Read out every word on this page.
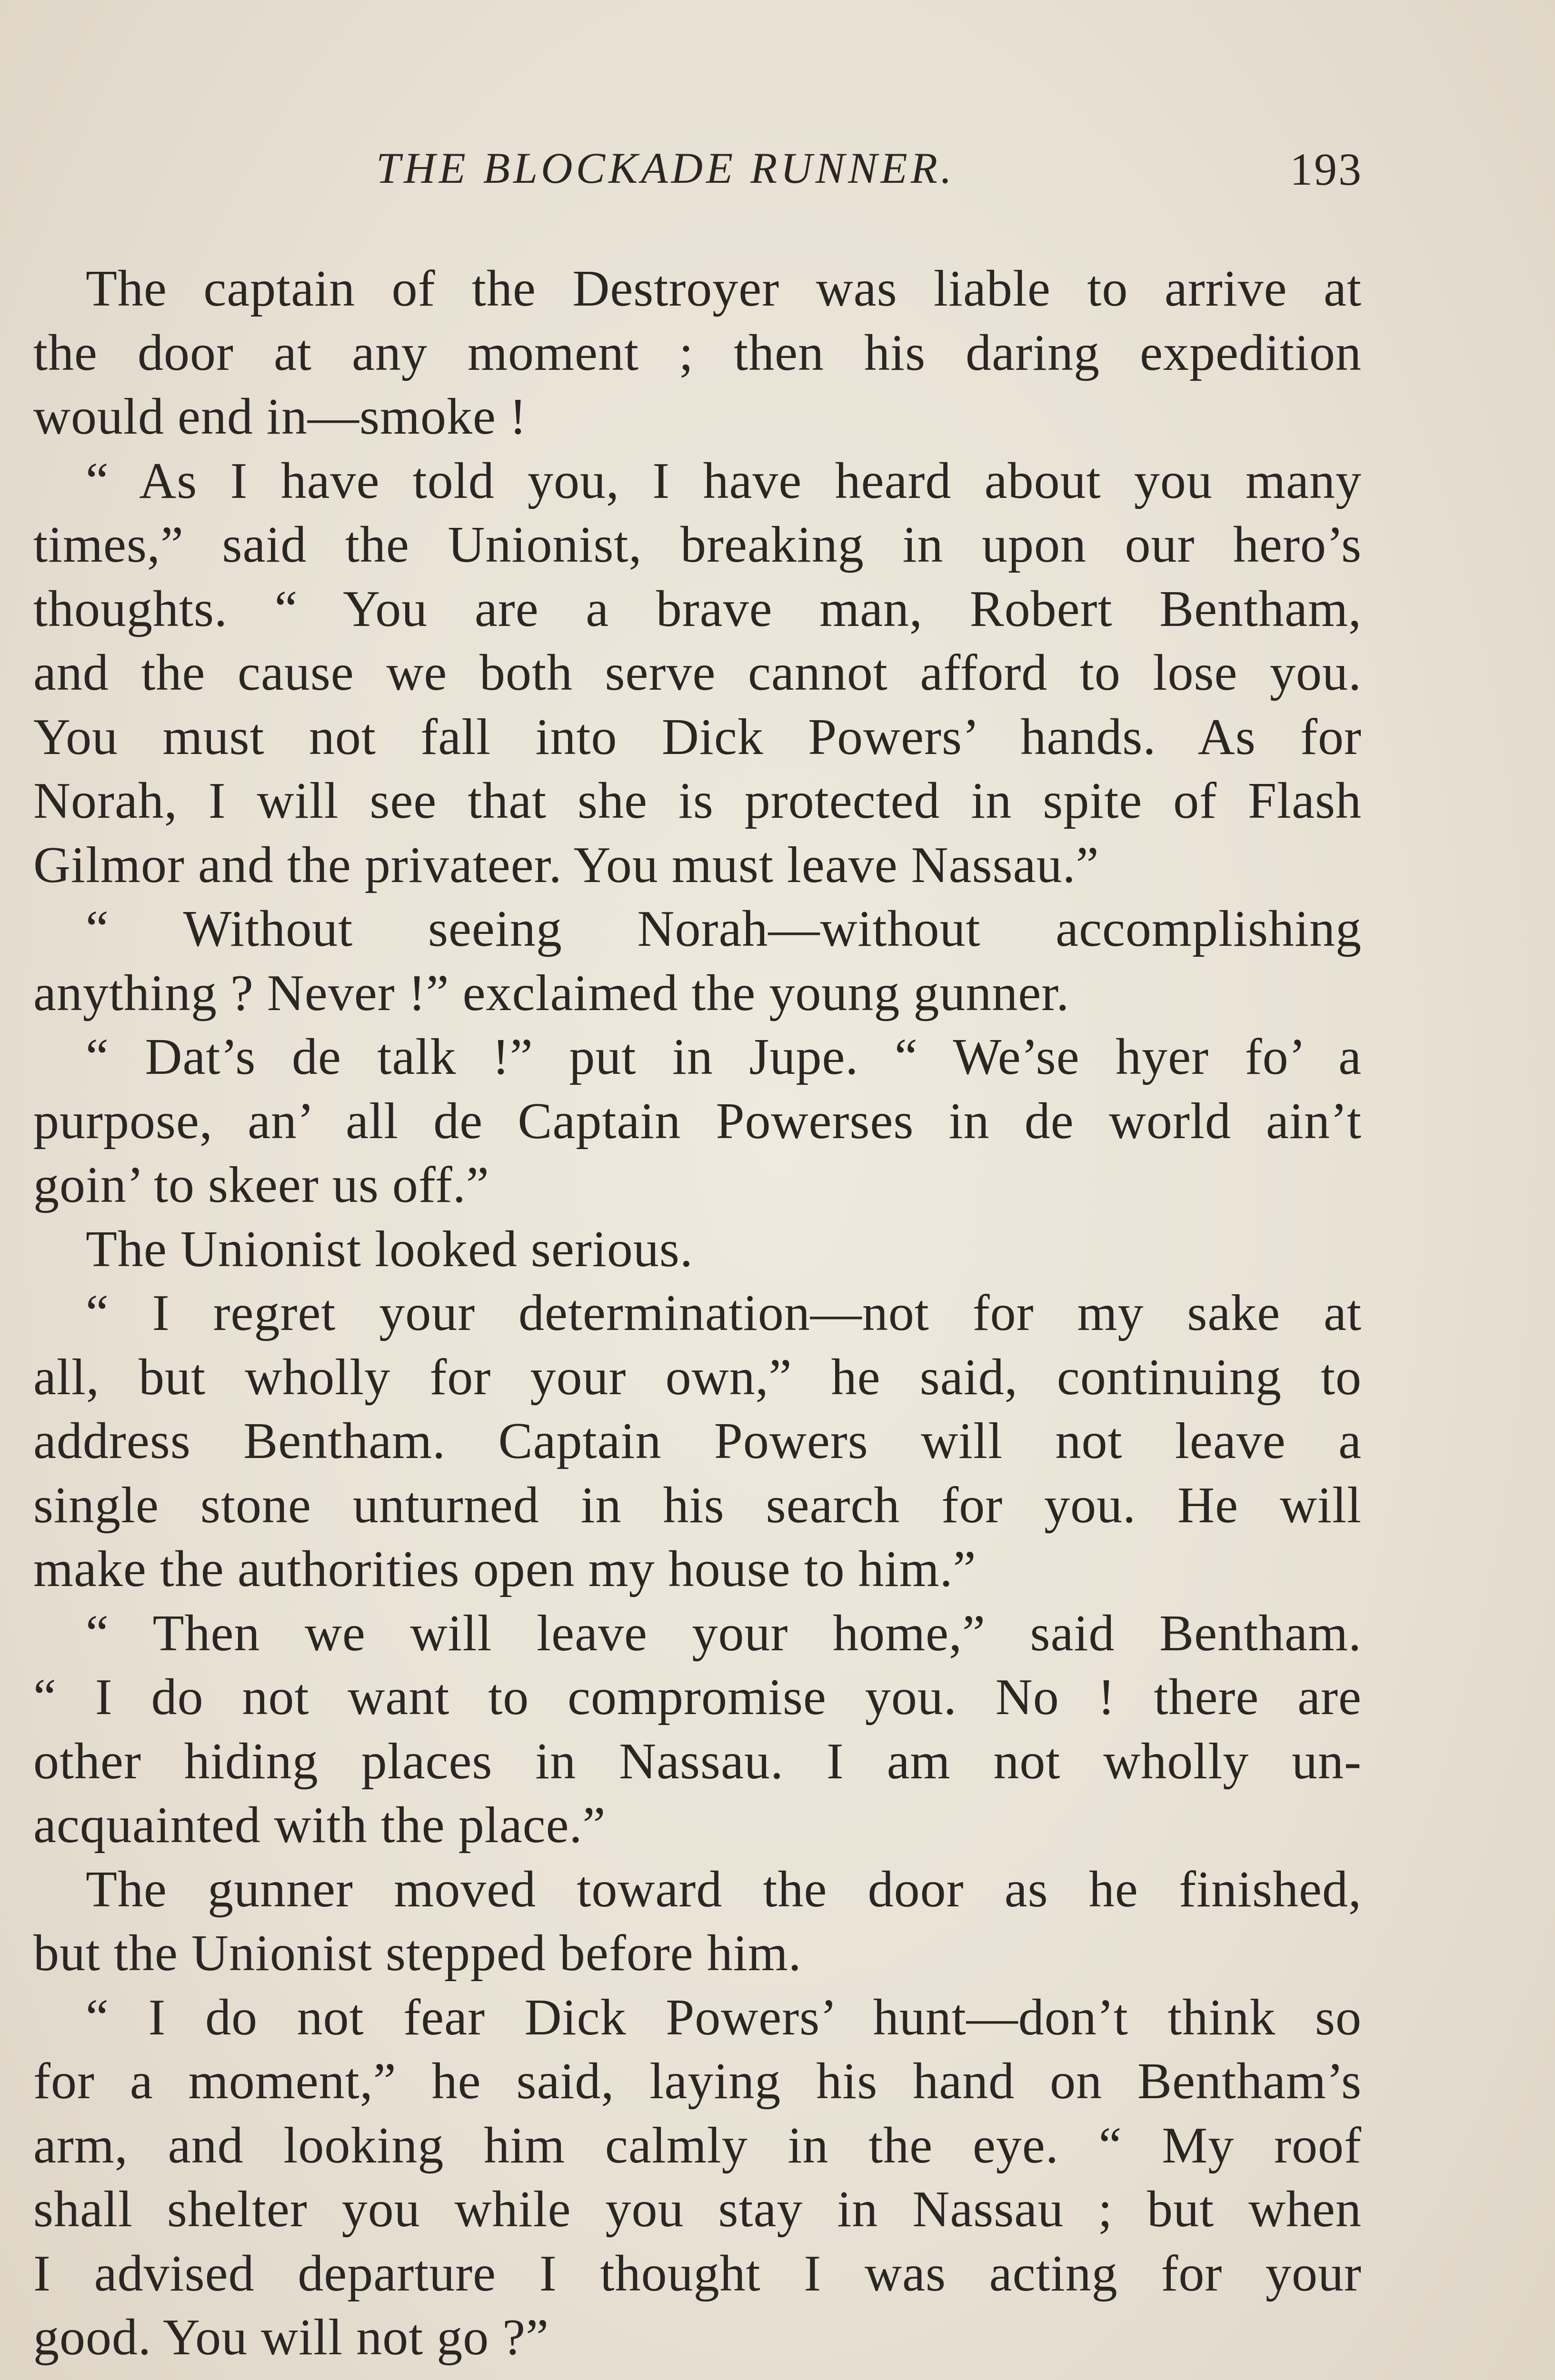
THE BLOCKADE RUNNER.	193
The captain of the Destroyer was liable to arrive at
the door at any moment ; then his daring expedition
would end in—smoke !
“ As I have told you, I have heard about you many
times,” said the Unionist, breaking in upon our hero’s
thoughts. “ You are a brave man, Robert Bentham,
and the cause we both serve cannot afford to lose you.
You must not fall into Dick Powers’ hands. As for
Norah, I will see that she is protected in spite of Flash
Gilmor and the privateer. You must leave Nassau.”
“ Without seeing Norah—without accomplishing
anything ? Never !” exclaimed the young gunner.
“ Dat’s de talk !” put in Jupe. “ We’se hyer fo’ a
purpose, an’ all de Captain Powerses in de world ain’t
goin’ to skeer us off.”
The Unionist looked serious.
“ I regret your determination—not for my sake at
all, but wholly for your own,” he said, continuing to
address Bentham. Captain Powers will not leave a
single stone unturned in his search for you. He will
make the authorities open my house to him.”
“ Then we will leave your home,” said Bentham.
“ I do not want to compromise you. No ! there are
other hiding places in Nassau. I am not wholly un-
acquainted with the place.”
The gunner moved toward the door as he finished,
but the Unionist stepped before him.
“ I do not fear Dick Powers’ hunt—don’t think so
for a moment,” he said, laying his hand on Bentham’s
arm, and looking him calmly in the eye. “ My roof
shall shelter you while you stay in Nassau ; but when
I advised departure I thought I was acting for your
good. You will not go ?”
